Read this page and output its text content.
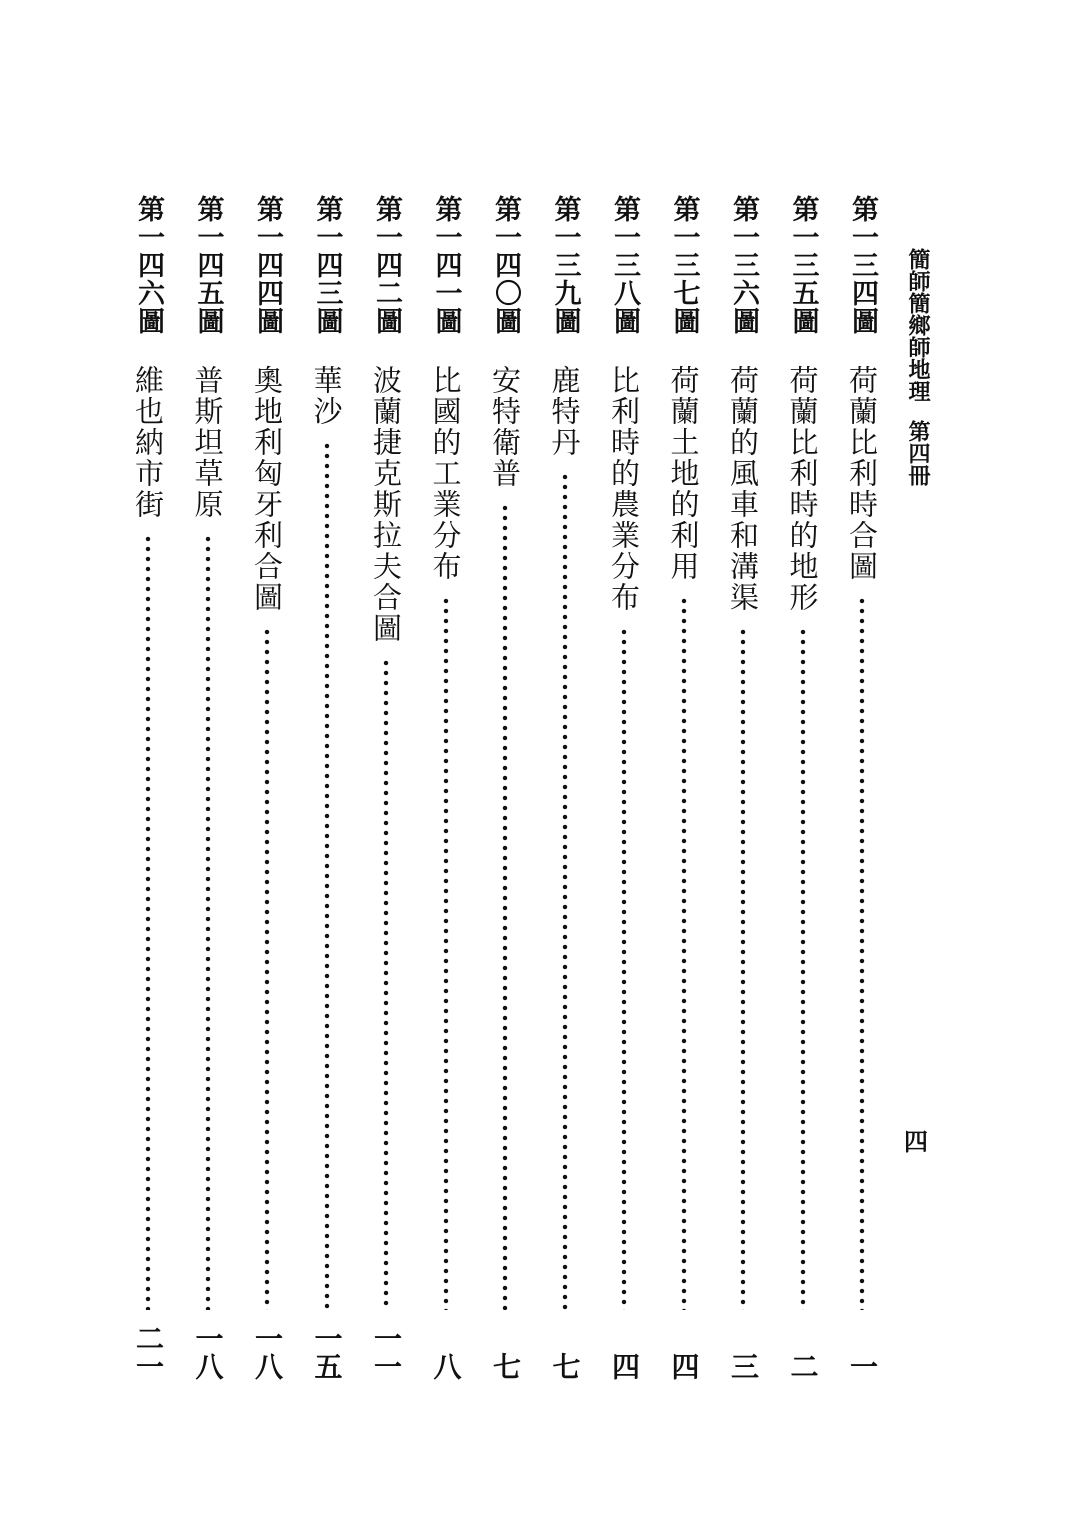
簡師簡鄉師地理第四冊
四
第一三四圖
荷蘭比利時合圖
一
第一三五圖
荷蘭比利時的地形
二
第一三六圖
荷蘭的風車和溝渠
三
第一三七圖
荷蘭土地的利用
四
第一三八圖
比利時的農業分布
四
第一三九圖
鹿特丹
七
第一四〇圖
安特衛普
七
第一四一圖
比國的工業分布
八
第一四二圖
波蘭捷克斯拉夫合圖
一一
第一四三圖
華沙
一五
第一四四圖
奧地利匈牙利合圖
一八
第一四五圖
普斯坦草原
一八
第一四六圖
維也納市街
二一
